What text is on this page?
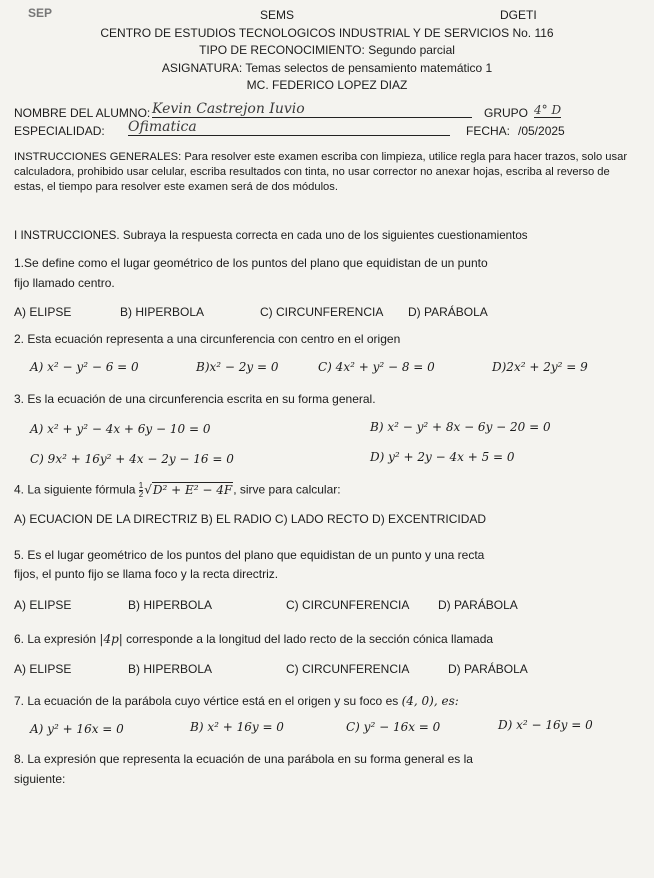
SEP	SEMS	DGETI
CENTRO DE ESTUDIOS TECNOLOGICOS INDUSTRIAL Y DE SERVICIOS No. 116
TIPO DE RECONOCIMIENTO: Segundo parcial
ASIGNATURA: Temas selectos de pensamiento matemático 1
MC. FEDERICO LOPEZ DIAZ
NOMBRE DEL ALUMNO: Kevin Castrejon Iuvio	GRUPO 4° D
ESPECIALIDAD: Ofimatica	FECHA: /05/2025
INSTRUCCIONES GENERALES: Para resolver este examen escriba con limpieza, utilice regla para hacer trazos, solo usar calculadora, prohibido usar celular, escriba resultados con tinta, no usar corrector no anexar hojas, escriba al reverso de estas, el tiempo para resolver este examen será de dos módulos.
I INSTRUCCIONES. Subraya la respuesta correcta en cada uno de los siguientes cuestionamientos
1.Se define como el lugar geométrico de los puntos del plano que equidistan de un punto
fijo llamado centro.
A) ELIPSE	B) HIPERBOLA	C) CIRCUNFERENCIA D) PARÁBOLA
2. Esta ecuación representa a una circunferencia con centro en el origen
A) x² − y² − 6 = 0	B)x² − 2y = 0	C) 4x² + y² − 8 = 0	D)2x² + 2y² = 9
3. Es la ecuación de una circunferencia escrita en su forma general.
A) x² + y² − 4x + 6y − 10 = 0	B) x² − y² + 8x − 6y − 20 = 0
C) 9x² + 16y² + 4x − 2y − 16 = 0	D) y² + 2y − 4x + 5 = 0
4. La siguiente fórmula $\frac{1}{2} √D^2 + E^2 - 4F$, sirve para calcular:
A) ECUACION DE LA DIRECTRIZ B) EL RADIO C) LADO RECTO D) EXCENTRICIDAD
5. Es el lugar geométrico de los puntos del plano que equidistan de un punto y una recta
fijos, el punto fijo se llama foco y la recta directriz.
A) ELIPSE	B) HIPERBOLA	C) CIRCUNFERENCIA D) PARÁBOLA
6. La expresión |4p| corresponde a la longitud del lado recto de la sección cónica llamada
A) ELIPSE	B) HIPERBOLA	C) CIRCUNFERENCIA	D) PARÁBOLA
7. La ecuación de la parábola cuyo vértice está en el origen y su foco es (4, 0), es:
A) y² + 16x = 0	B) x² + 16y = 0	C) y² − 16x = 0	D) x² − 16y = 0
8. La expresión que representa la ecuación de una parábola en su forma general es la
siguiente:
